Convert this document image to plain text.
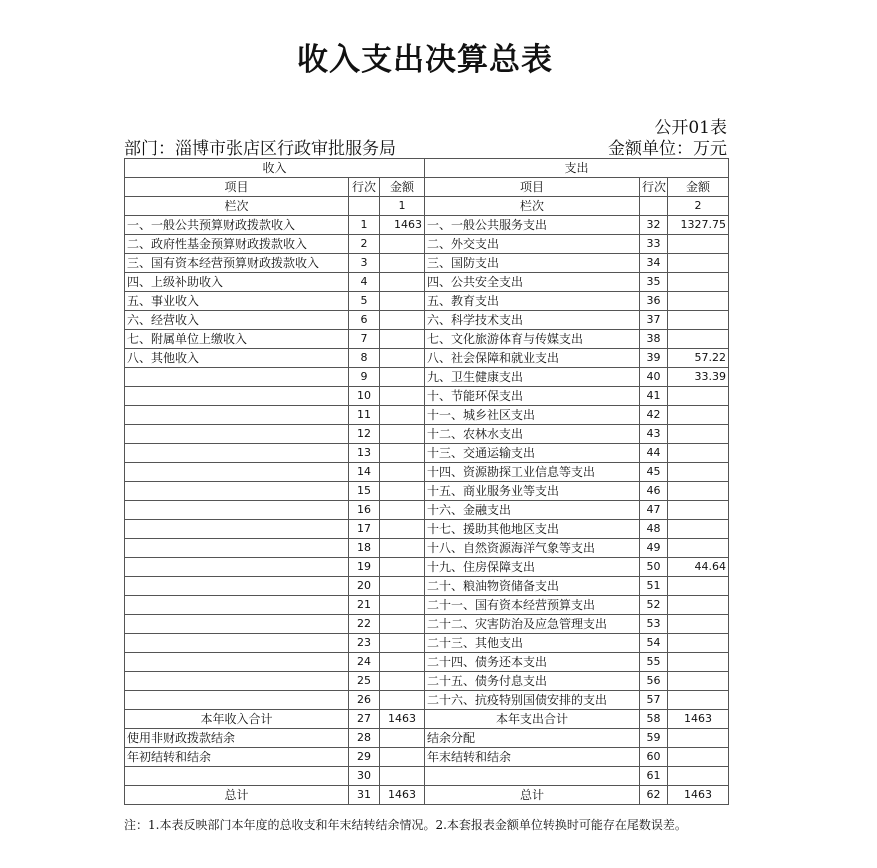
收入支出决算总表
公开01表
部门：淄博市张店区行政审批服务局	金额单位：万元
收入			支出		
项目	行次	金额	项目	行次	金额
栏次		1	栏次		2
一、一般公共预算财政拨款收入	1	1463	一、一般公共服务支出	32	1327.75
二、政府性基金预算财政拨款收入	2		二、外交支出	33	
三、国有资本经营预算财政拨款收入	3		三、国防支出	34	
四、上级补助收入	4		四、公共安全支出	35	
五、事业收入	5		五、教育支出	36	
六、经营收入	6		六、科学技术支出	37	
七、附属单位上缴收入	7		七、文化旅游体育与传媒支出	38	
八、其他收入	8		八、社会保障和就业支出	39	57.22
	9		九、卫生健康支出	40	33.39
	10		十、节能环保支出	41	
	11		十一、城乡社区支出	42	
	12		十二、农林水支出	43	
	13		十三、交通运输支出	44	
	14		十四、资源勘探工业信息等支出	45	
	15		十五、商业服务业等支出	46	
	16		十六、金融支出	47	
	17		十七、援助其他地区支出	48	
	18		十八、自然资源海洋气象等支出	49	
	19		十九、住房保障支出	50	44.64
	20		二十、粮油物资储备支出	51	
	21		二十一、国有资本经营预算支出	52	
	22		二十二、灾害防治及应急管理支出	53	
	23		二十三、其他支出	54	
	24		二十四、债务还本支出	55	
	25		二十五、债务付息支出	56	
	26		二十六、抗疫特别国债安排的支出	57	
本年收入合计	27	1463	本年支出合计	58	1463
使用非财政拨款结余	28		结余分配	59	
年初结转和结余	29		年末结转和结余	60	
	30			61	
总计	31	1463	总计	62	1463
注：1.本表反映部门本年度的总收支和年末结转结余情况。2.本套报表金额单位转换时可能存在尾数误差。
